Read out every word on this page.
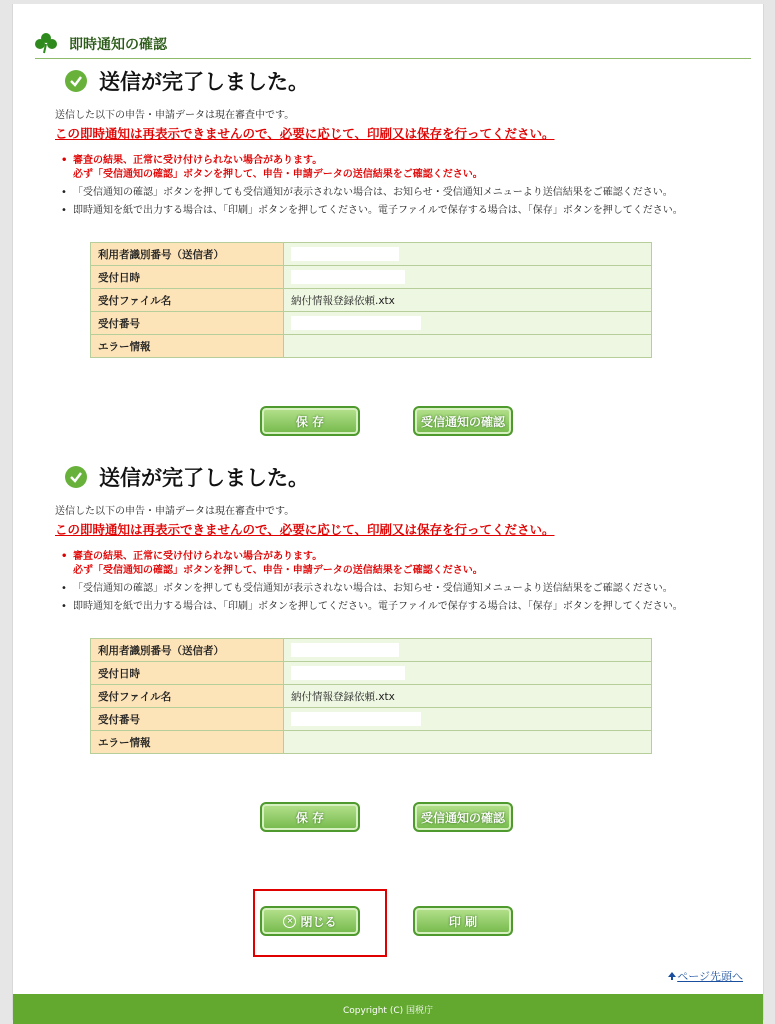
即時通知の確認
送信が完了しました。
送信した以下の申告・申請データは現在審査中です。
この即時通知は再表示できませんので、必要に応じて、印刷又は保存を行ってください。
• 審査の結果、正常に受け付けられない場合があります。
必ず「受信通知の確認」ボタンを押して、申告・申請データの送信結果をご確認ください。
• 「受信通知の確認」ボタンを押しても受信通知が表示されない場合は、お知らせ・受信通知メニューより送信結果をご確認ください。
• 即時通知を紙で出力する場合は、「印刷」ボタンを押してください。電子ファイルで保存する場合は、「保存」ボタンを押してください。
利用者識別番号（送信者）	
受付日時	
受付ファイル名	納付情報登録依頼.xtx
受付番号	
エラー情報	
保 存	受信通知の確認
送信が完了しました。
送信した以下の申告・申請データは現在審査中です。
この即時通知は再表示できませんので、必要に応じて、印刷又は保存を行ってください。
• 審査の結果、正常に受け付けられない場合があります。
必ず「受信通知の確認」ボタンを押して、申告・申請データの送信結果をご確認ください。
• 「受信通知の確認」ボタンを押しても受信通知が表示されない場合は、お知らせ・受信通知メニューより送信結果をご確認ください。
• 即時通知を紙で出力する場合は、「印刷」ボタンを押してください。電子ファイルで保存する場合は、「保存」ボタンを押してください。
利用者識別番号（送信者）	
受付日時	
受付ファイル名	納付情報登録依頼.xtx
受付番号	
エラー情報	
保 存	受信通知の確認
× 閉じる	印 刷
ページ先頭へ
Copyright (C) 国税庁
